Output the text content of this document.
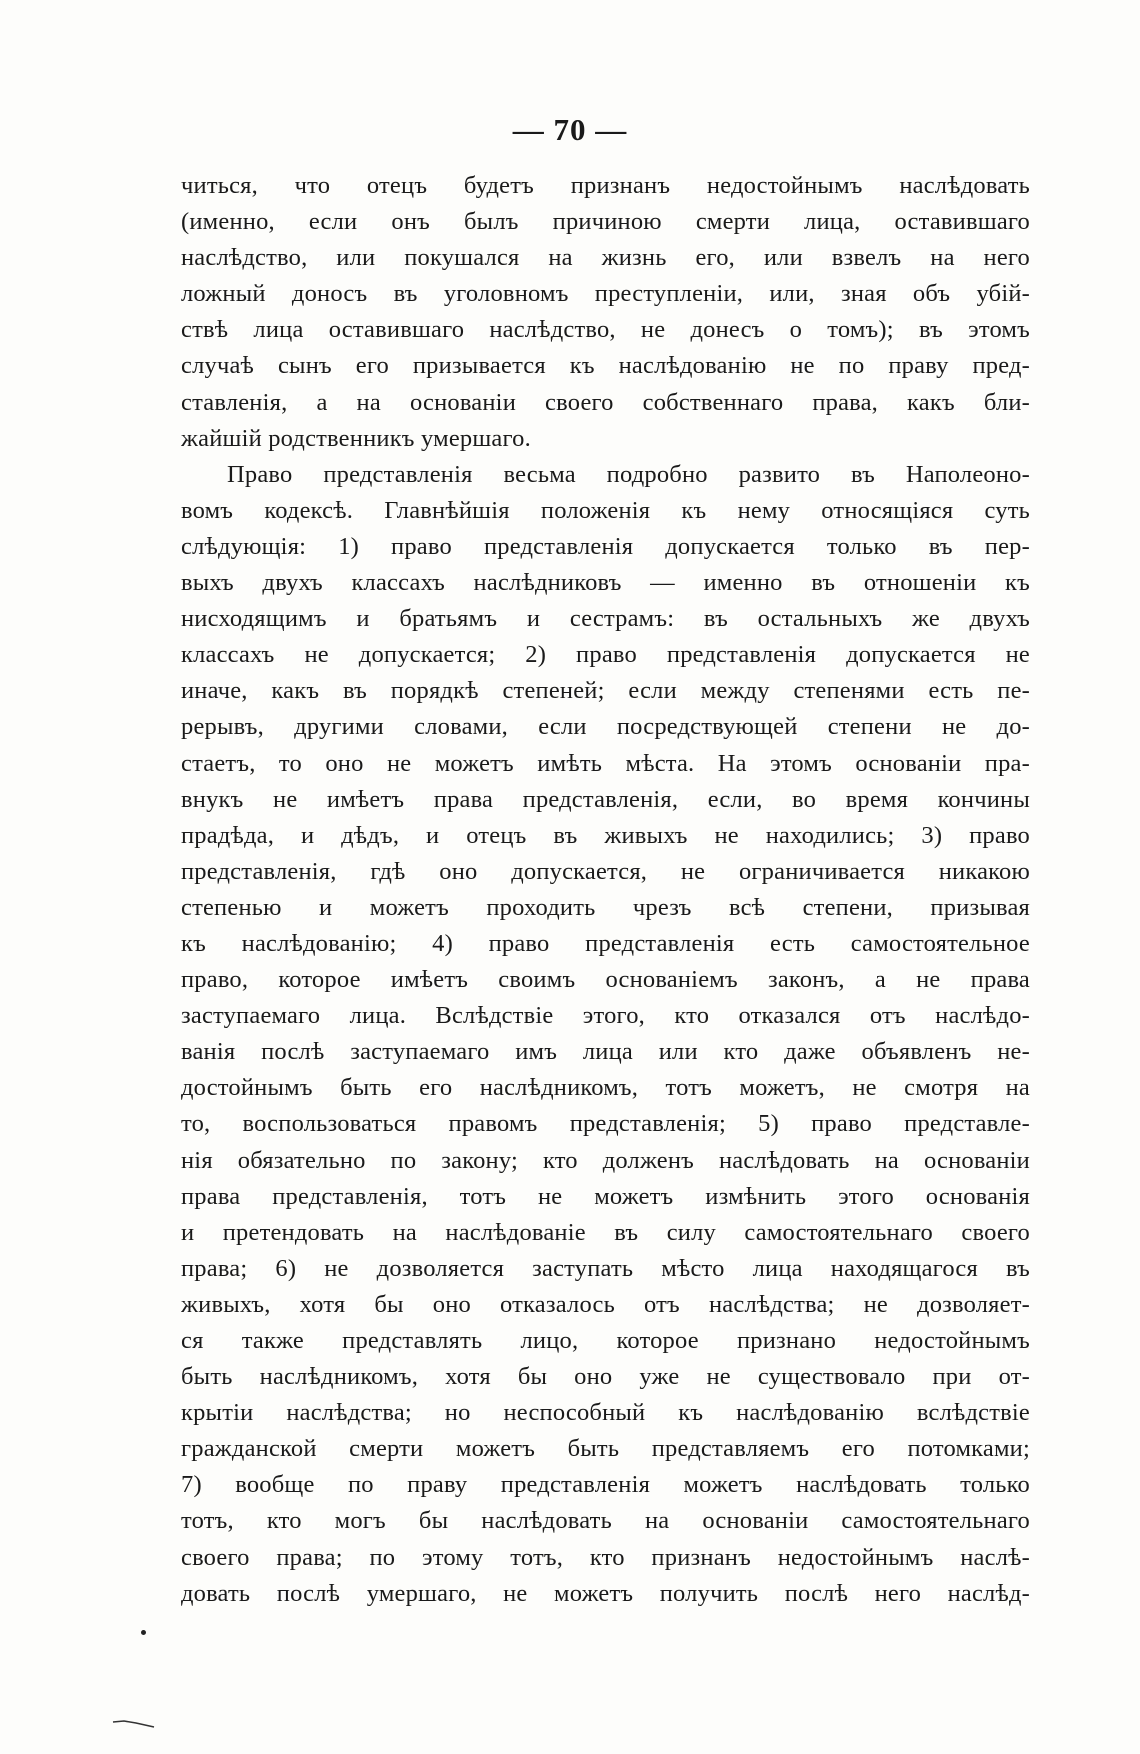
— 70 —
читься, что отецъ будетъ признанъ недостойнымъ наслѣдовать
(именно, если онъ былъ причиною смерти лица, оставившаго
наслѣдство, или покушался на жизнь его, или взвелъ на него
ложный доносъ въ уголовномъ преступленіи, или, зная объ убій-
ствѣ лица оставившаго наслѣдство, не донесъ о томъ); въ этомъ
случаѣ сынъ его призывается къ наслѣдованію не по праву пред-
ставленія, а на основаніи своего собственнаго права, какъ бли-
жайшій родственникъ умершаго.
Право представленія весьма подробно развито въ Наполеоно-
вомъ кодексѣ. Главнѣйшія положенія къ нему относящіяся суть
слѣдующія: 1) право представленія допускается только въ пер-
выхъ двухъ классахъ наслѣдниковъ — именно въ отношеніи къ
нисходящимъ и братьямъ и сестрамъ: въ остальныхъ же двухъ
классахъ не допускается; 2) право представленія допускается не
иначе, какъ въ порядкѣ степеней; если между степенями есть пе-
рерывъ, другими словами, если посредствующей степени не до-
стаетъ, то оно не можетъ имѣть мѣста. На этомъ основаніи пра-
внукъ не имѣетъ права представленія, если, во время кончины
прадѣда, и дѣдъ, и отецъ въ живыхъ не находились; 3) право
представленія, гдѣ оно допускается, не ограничивается никакою
степенью и можетъ проходить чрезъ всѣ степени, призывая
къ наслѣдованію; 4) право представленія есть самостоятельное
право, которое имѣетъ своимъ основаніемъ законъ, а не права
заступаемаго лица. Вслѣдствіе этого, кто отказался отъ наслѣдо-
ванія послѣ заступаемаго имъ лица или кто даже объявленъ не-
достойнымъ быть его наслѣдникомъ, тотъ можетъ, не смотря на
то, воспользоваться правомъ представленія; 5) право представле-
нія обязательно по закону; кто долженъ наслѣдовать на основаніи
права представленія, тотъ не можетъ измѣнить этого основанія
и претендовать на наслѣдованіе въ силу самостоятельнаго своего
права; 6) не дозволяется заступать мѣсто лица находящагося въ
живыхъ, хотя бы оно отказалось отъ наслѣдства; не дозволяет-
ся также представлять лицо, которое признано недостойнымъ
быть наслѣдникомъ, хотя бы оно уже не существовало при от-
крытіи наслѣдства; но неспособный къ наслѣдованію вслѣдствіе
гражданской смерти можетъ быть представляемъ его потомками;
7) вообще по праву представленія можетъ наслѣдовать только
тотъ, кто могъ бы наслѣдовать на основаніи самостоятельнаго
своего права; по этому тотъ, кто признанъ недостойнымъ наслѣ-
довать послѣ умершаго, не можетъ получить послѣ него наслѣд-
